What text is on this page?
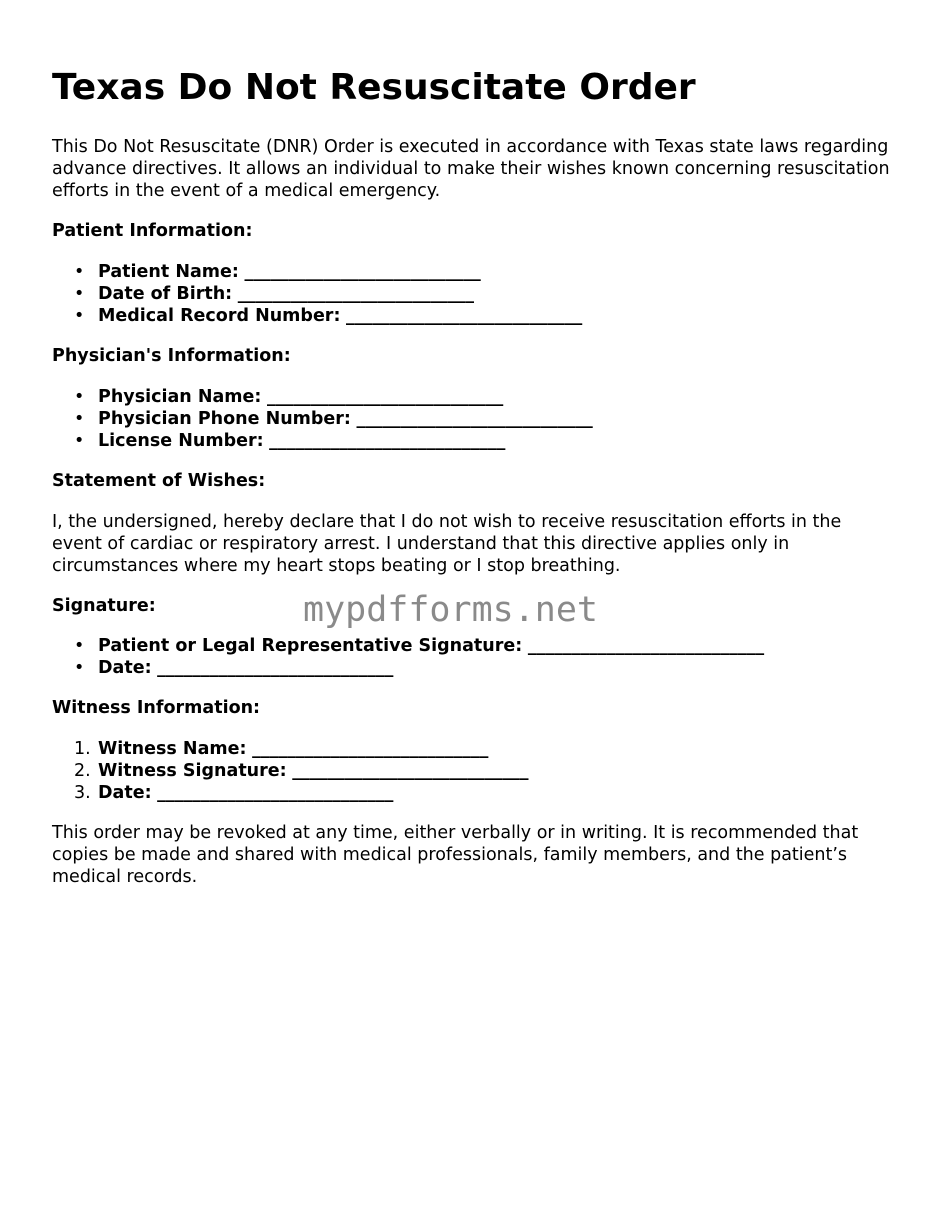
Texas Do Not Resuscitate Order

This Do Not Resuscitate (DNR) Order is executed in accordance with Texas state laws regarding advance directives. It allows an individual to make their wishes known concerning resuscitation efforts in the event of a medical emergency.

Patient Information:
• Patient Name: ___________________________
• Date of Birth: ___________________________
• Medical Record Number: ___________________________
Physician's Information:
• Physician Name: ___________________________
• Physician Phone Number: ___________________________
• License Number: ___________________________
Statement of Wishes:

I, the undersigned, hereby declare that I do not wish to receive resuscitation efforts in the event of cardiac or respiratory arrest. I understand that this directive applies only in circumstances where my heart stops beating or I stop breathing.

Signature:
• Patient or Legal Representative Signature: ___________________________
• Date: ___________________________
Witness Information:
1. Witness Name: ___________________________
2. Witness Signature: ___________________________
3. Date: ___________________________

This order may be revoked at any time, either verbally or in writing. It is recommended that copies be made and shared with medical professionals, family members, and the patient’s medical records.

mypdfforms.net
